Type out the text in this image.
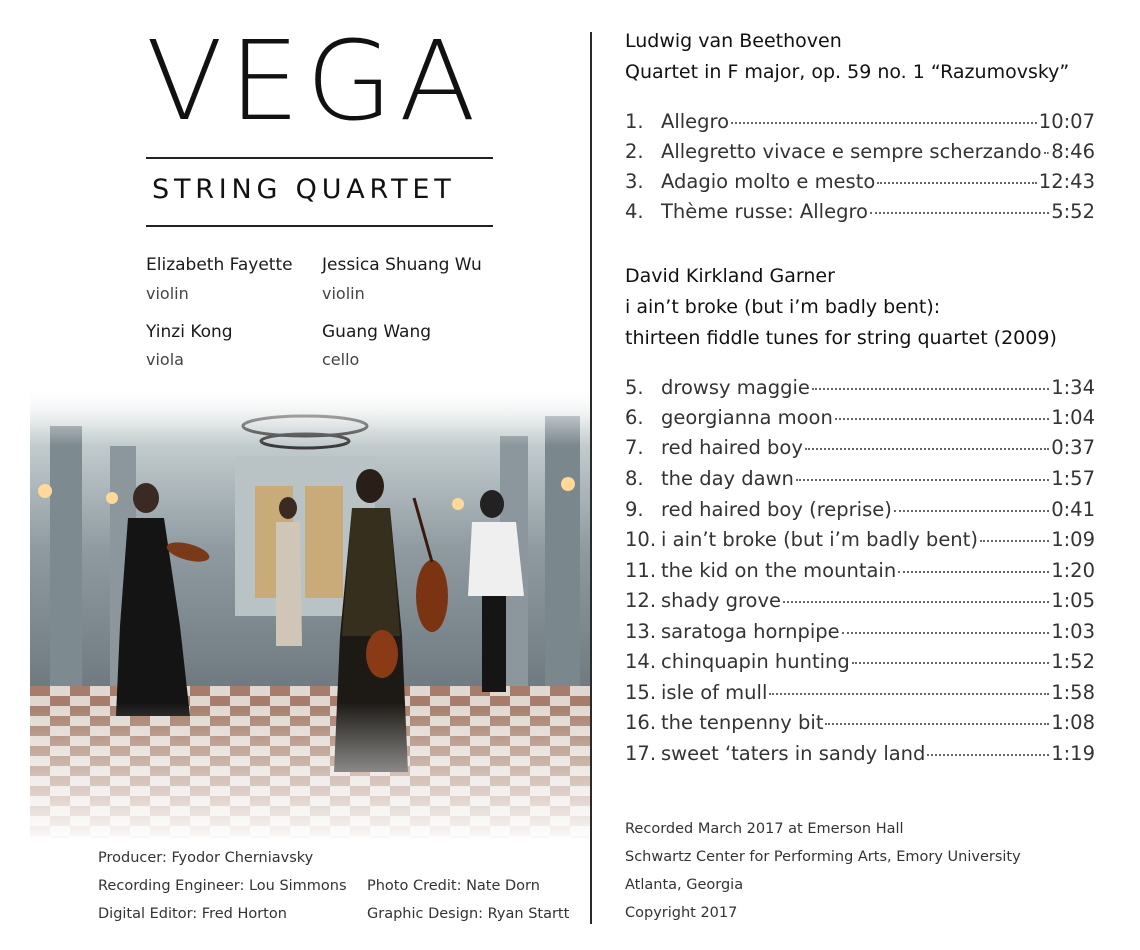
VEGA
STRING QUARTET
Elizabeth Fayette
violin
Jessica Shuang Wu
violin
Yinzi Kong
viola
Guang Wang
cello
Producer: Fyodor Cherniavsky
Recording Engineer: Lou Simmons
Digital Editor: Fred Horton
Photo Credit: Nate Dorn
Graphic Design: Ryan Startt
Ludwig van Beethoven
Quartet in F major, op. 59 no. 1 “Razumovsky”
1. Allegro	10:07
2. Allegretto vivace e sempre scherzando 8:46
3. Adagio molto e mesto	12:43
4. Thème russe: Allegro	5:52
David Kirkland Garner
i ain’t broke (but i’m badly bent):
thirteen fiddle tunes for string quartet (2009)
5. drowsy maggie	1:34
6. georgianna moon	1:04
7. red haired boy	0:37
8. the day dawn	1:57
9. red haired boy (reprise)	0:41
10. i ain’t broke (but i’m badly bent)	1:09
11. the kid on the mountain	1:20
12. shady grove	1:05
13. saratoga hornpipe	1:03
14. chinquapin hunting	1:52
15. isle of mull	1:58
16. the tenpenny bit	1:08
17. sweet ‘taters in sandy land	1:19
Recorded March 2017 at Emerson Hall
Schwartz Center for Performing Arts, Emory University
Atlanta, Georgia
Copyright 2017
